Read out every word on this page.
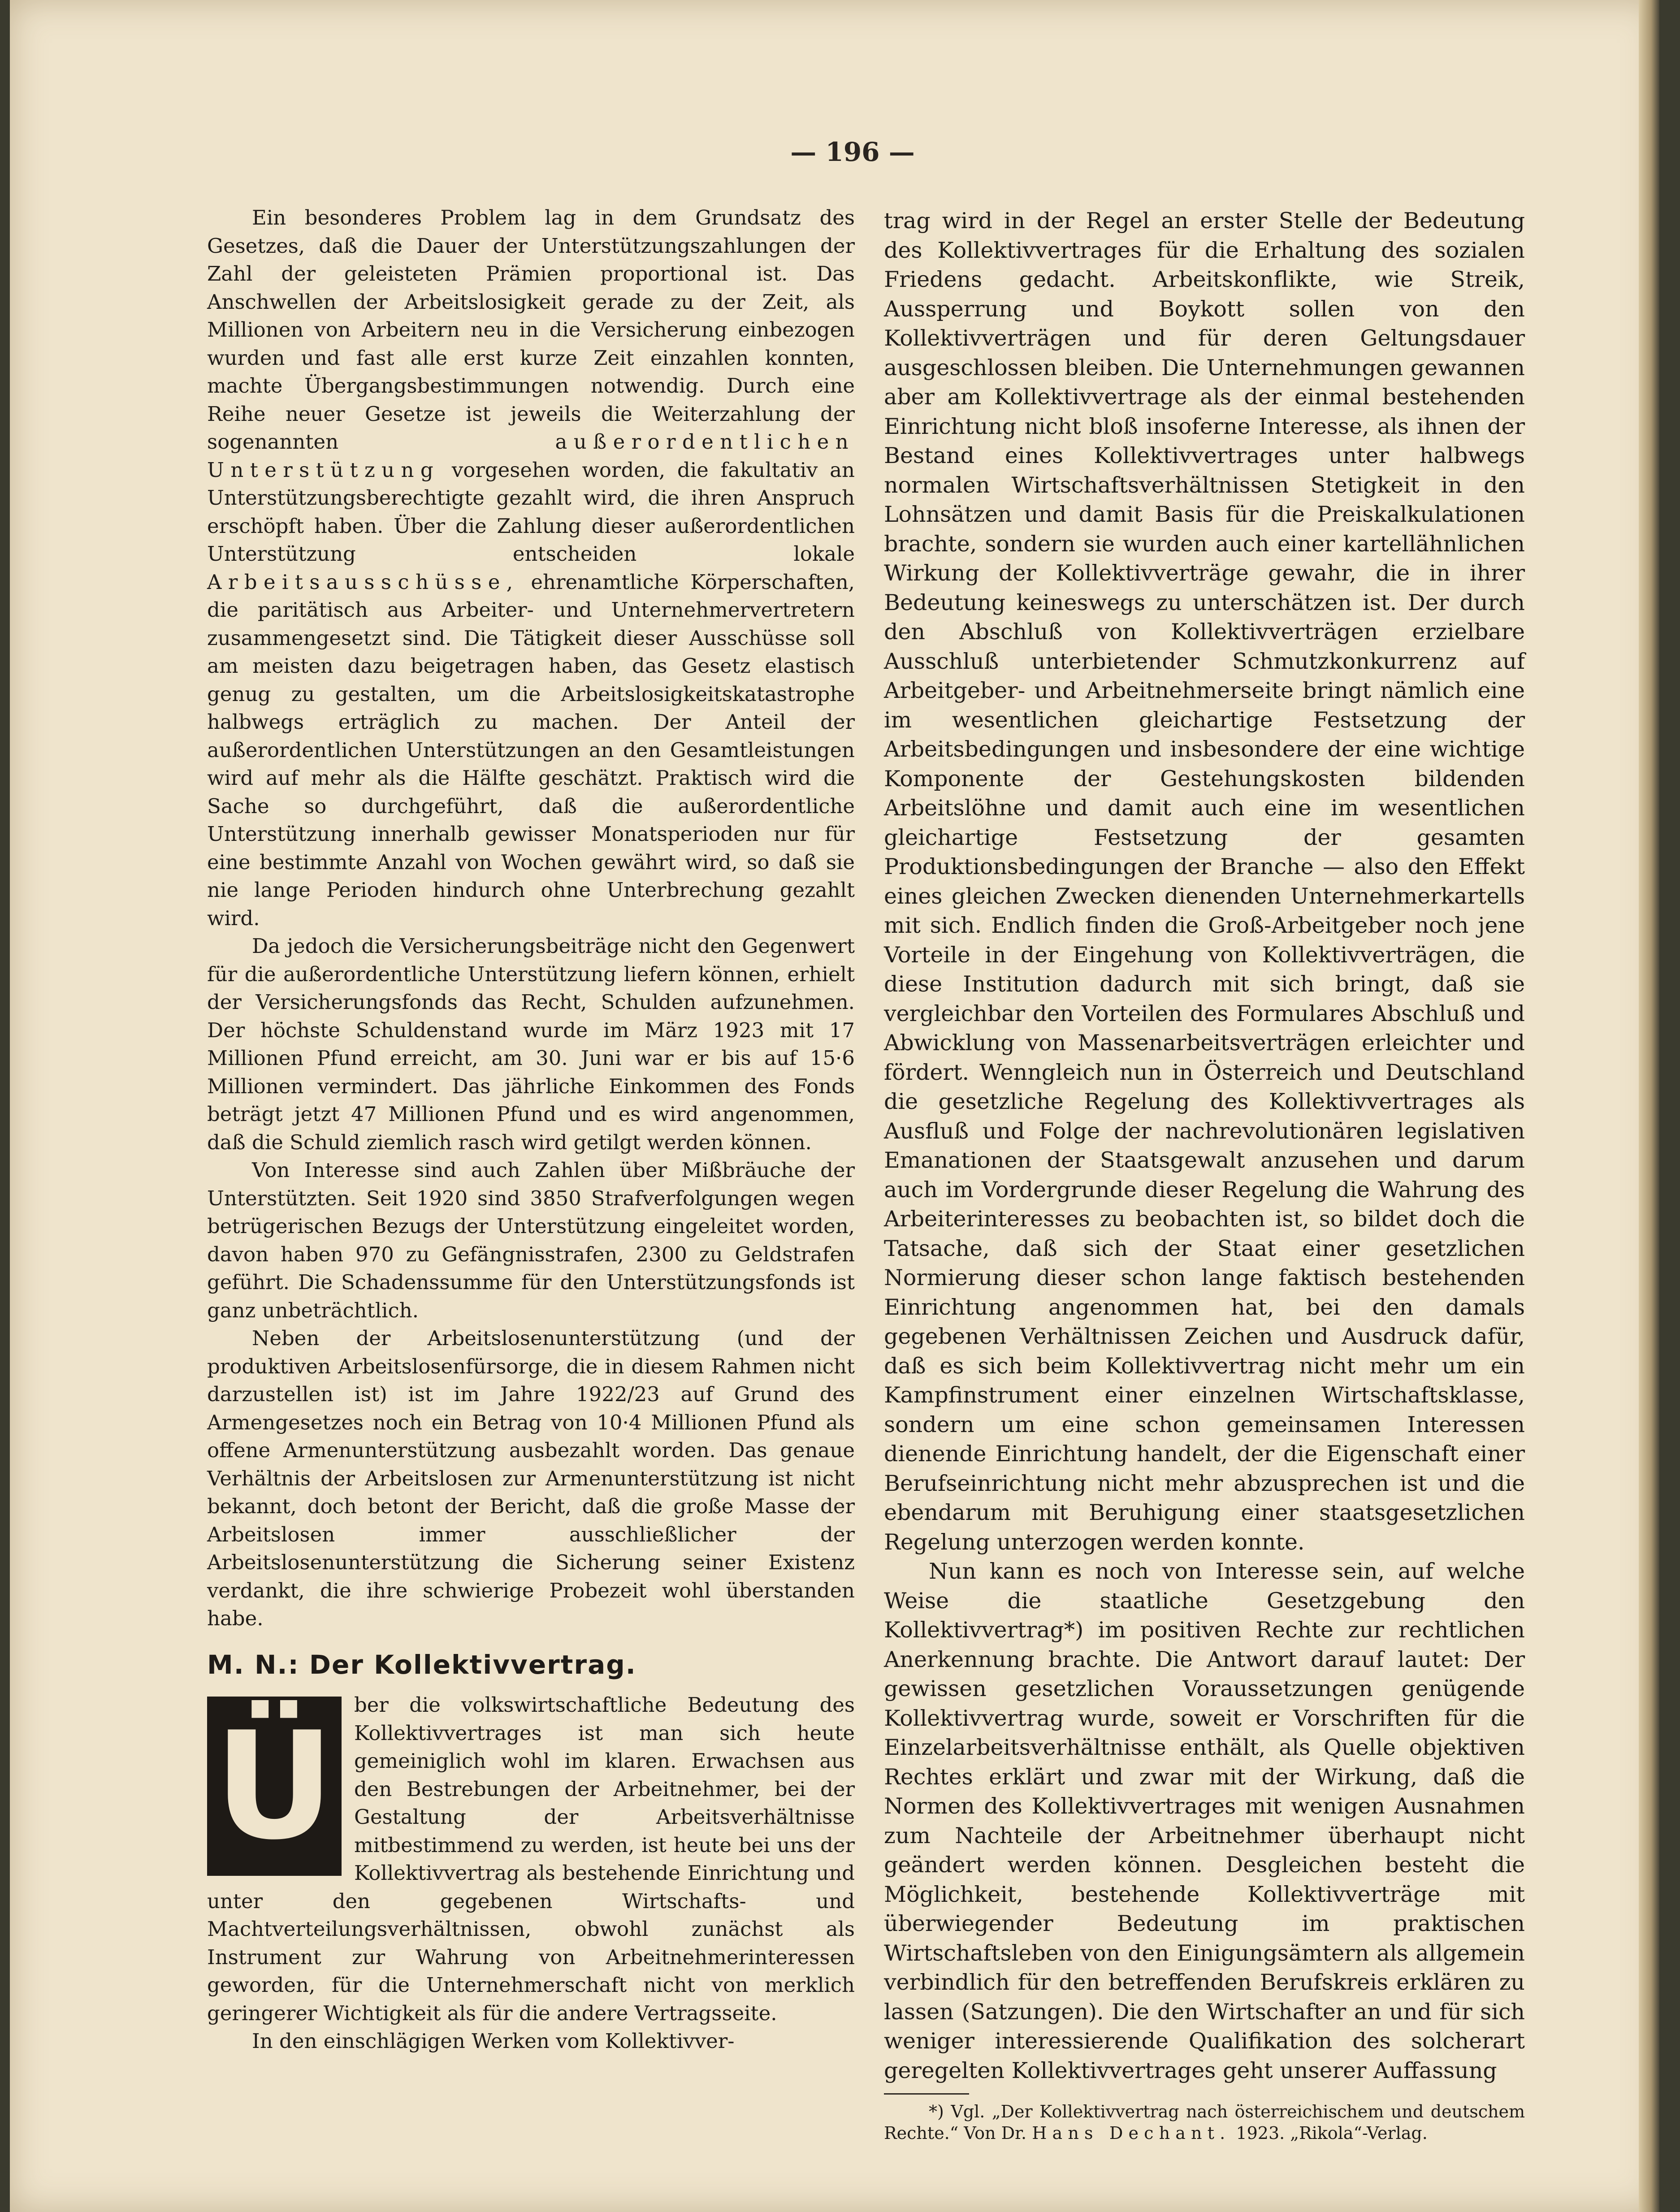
— 196 —

Ein besonderes Problem lag in dem Grundsatz des Gesetzes, daß die Dauer der Unterstützungszahlungen der Zahl der geleisteten Prämien proportional ist. Das Anschwellen der Arbeitslosigkeit gerade zu der Zeit, als Millionen von Arbeitern neu in die Versicherung einbezogen wurden und fast alle erst kurze Zeit einzahlen konnten, machte Übergangsbestimmungen notwendig. Durch eine Reihe neuer Gesetze ist jeweils die Weiterzahlung der sogenannten	außerordentlichen Unterstützung vorgesehen worden, die fakultativ an Unterstützungsberechtigte gezahlt wird, die ihren Anspruch erschöpft haben. Über die Zahlung dieser außerordentlichen Unterstützung entscheiden lokale Arbeitsausschüsse, ehrenamtliche Körperschaften, die paritätisch aus Arbeiter- und Unternehmervertretern zusammengesetzt sind. Die Tätigkeit dieser Ausschüsse soll am meisten dazu beigetragen haben, das Gesetz elastisch genug zu gestalten, um die Arbeitslosigkeitskatastrophe halbwegs erträglich zu machen. Der Anteil der außerordentlichen Unterstützungen an den Gesamtleistungen wird auf mehr als die Hälfte geschätzt. Praktisch wird die Sache so durchgeführt, daß die außerordentliche Unterstützung innerhalb gewisser Monatsperioden nur für eine bestimmte Anzahl von Wochen gewährt wird, so daß sie nie lange Perioden hindurch ohne Unterbrechung gezahlt wird.

Da jedoch die Versicherungsbeiträge nicht den Gegenwert für die außerordentliche Unterstützung liefern können, erhielt der Versicherungsfonds das Recht, Schulden aufzunehmen. Der höchste Schuldenstand wurde im März 1923 mit 17 Millionen Pfund erreicht, am 30. Juni war er bis auf 15·6 Millionen vermindert. Das jährliche Einkommen des Fonds beträgt jetzt 47 Millionen Pfund und es wird angenommen, daß die Schuld ziemlich rasch wird getilgt werden können.

Von Interesse sind auch Zahlen über Mißbräuche der Unterstützten. Seit 1920 sind 3850 Strafverfolgungen wegen betrügerischen Bezugs der Unterstützung eingeleitet worden, davon haben 970 zu Gefängnisstrafen, 2300 zu Geldstrafen geführt. Die Schadenssumme für den Unterstützungsfonds ist ganz unbeträchtlich.

Neben der Arbeitslosenunterstützung (und der produktiven Arbeitslosenfürsorge, die in diesem Rahmen nicht darzustellen ist) ist im Jahre 1922/23 auf Grund des Armengesetzes noch ein Betrag von 10·4 Millionen Pfund als offene Armenunterstützung ausbezahlt worden. Das genaue Verhältnis der Arbeitslosen zur Armenunterstützung ist nicht bekannt, doch betont der Bericht, daß die große Masse der Arbeitslosen immer ausschließlicher der Arbeitslosenunterstützung die Sicherung seiner Existenz verdankt, die ihre schwierige Probezeit wohl überstanden habe.

M. N.: Der Kollektivvertrag.

Ü ber die volkswirtschaftliche Bedeutung des Kollektivvertrages ist man sich heute gemeiniglich wohl im klaren. Erwachsen aus den Bestrebungen der Arbeitnehmer, bei der Gestaltung der Arbeitsverhältnisse mitbestimmend zu werden, ist heute bei uns der Kollektivvertrag als bestehende Einrichtung und unter den gegebenen Wirtschafts- und Machtverteilungsverhältnissen, obwohl zunächst als Instrument zur Wahrung von Arbeitnehmerinteressen geworden, für die Unternehmerschaft nicht von merklich geringerer Wichtigkeit als für die andere Vertragsseite.

In den einschlägigen Werken vom Kollektivver-

trag wird in der Regel an erster Stelle der Bedeutung des Kollektivvertrages für die Erhaltung des sozialen Friedens gedacht. Arbeitskonflikte, wie Streik, Aussperrung und Boykott sollen von den Kollektivverträgen und für deren Geltungsdauer ausgeschlossen bleiben. Die Unternehmungen gewannen aber am Kollektivvertrage als der einmal bestehenden Einrichtung nicht bloß insoferne Interesse, als ihnen der Bestand eines Kollektivvertrages unter halbwegs normalen Wirtschaftsverhältnissen Stetigkeit in den Lohnsätzen und damit Basis für die Preiskalkulationen brachte, sondern sie wurden auch einer kartellähnlichen Wirkung der Kollektivverträge gewahr, die in ihrer Bedeutung keineswegs zu unterschätzen ist. Der durch den Abschluß von Kollektivverträgen erzielbare Ausschluß unterbietender Schmutzkonkurrenz auf Arbeitgeber- und Arbeitnehmerseite bringt nämlich eine im wesentlichen gleichartige Festsetzung der Arbeitsbedingungen und insbesondere der eine wichtige Komponente der Gestehungskosten bildenden Arbeitslöhne und damit auch eine im wesentlichen gleichartige Festsetzung der gesamten Produktionsbedingungen der Branche — also den Effekt eines gleichen Zwecken dienenden Unternehmerkartells mit sich. Endlich finden die Groß-Arbeitgeber noch jene Vorteile in der Eingehung von Kollektivverträgen, die diese Institution dadurch mit sich bringt, daß sie vergleichbar den Vorteilen des Formulares Abschluß und Abwicklung von Massenarbeitsverträgen erleichter und fördert. Wenngleich nun in Österreich und Deutschland die gesetzliche Regelung des Kollektivvertrages als Ausfluß und Folge der nachrevolutionären legislativen Emanationen der Staatsgewalt anzusehen und darum auch im Vordergrunde dieser Regelung die Wahrung des Arbeiterinteresses zu beobachten ist, so bildet doch die Tatsache, daß sich der Staat einer gesetzlichen Normierung dieser schon lange faktisch bestehenden Einrichtung angenommen hat, bei den damals gegebenen Verhältnissen Zeichen und Ausdruck dafür, daß es sich beim Kollektivvertrag nicht mehr um ein Kampfinstrument einer einzelnen Wirtschaftsklasse, sondern um eine schon gemeinsamen Interessen dienende Einrichtung handelt, der die Eigenschaft einer Berufseinrichtung nicht mehr abzusprechen ist und die ebendarum mit Beruhigung einer staatsgesetzlichen Regelung unterzogen werden konnte.

Nun kann es noch von Interesse sein, auf welche Weise die staatliche Gesetzgebung den Kollektivvertrag*) im positiven Rechte zur rechtlichen Anerkennung brachte. Die Antwort darauf lautet: Der gewissen gesetzlichen Voraussetzungen genügende Kollektivvertrag wurde, soweit er Vorschriften für die Einzelarbeitsverhältnisse enthält, als Quelle objektiven Rechtes erklärt und zwar mit der Wirkung, daß die Normen des Kollektivvertrages mit wenigen Ausnahmen zum Nachteile der Arbeitnehmer überhaupt nicht geändert werden können. Desgleichen besteht die Möglichkeit, bestehende Kollektivverträge mit überwiegender Bedeutung im praktischen Wirtschaftsleben von den Einigungsämtern als allgemein verbindlich für den betreffenden Berufskreis erklären zu lassen (Satzungen). Die den Wirtschafter an und für sich weniger interessierende Qualifikation des solcherart geregelten Kollektivvertrages geht unserer Auffassung

*) Vgl. „Der Kollektivvertrag nach österreichischem und deutschem Rechte.“ Von Dr. Hans Dechant. 1923. „Rikola“-Verlag.
